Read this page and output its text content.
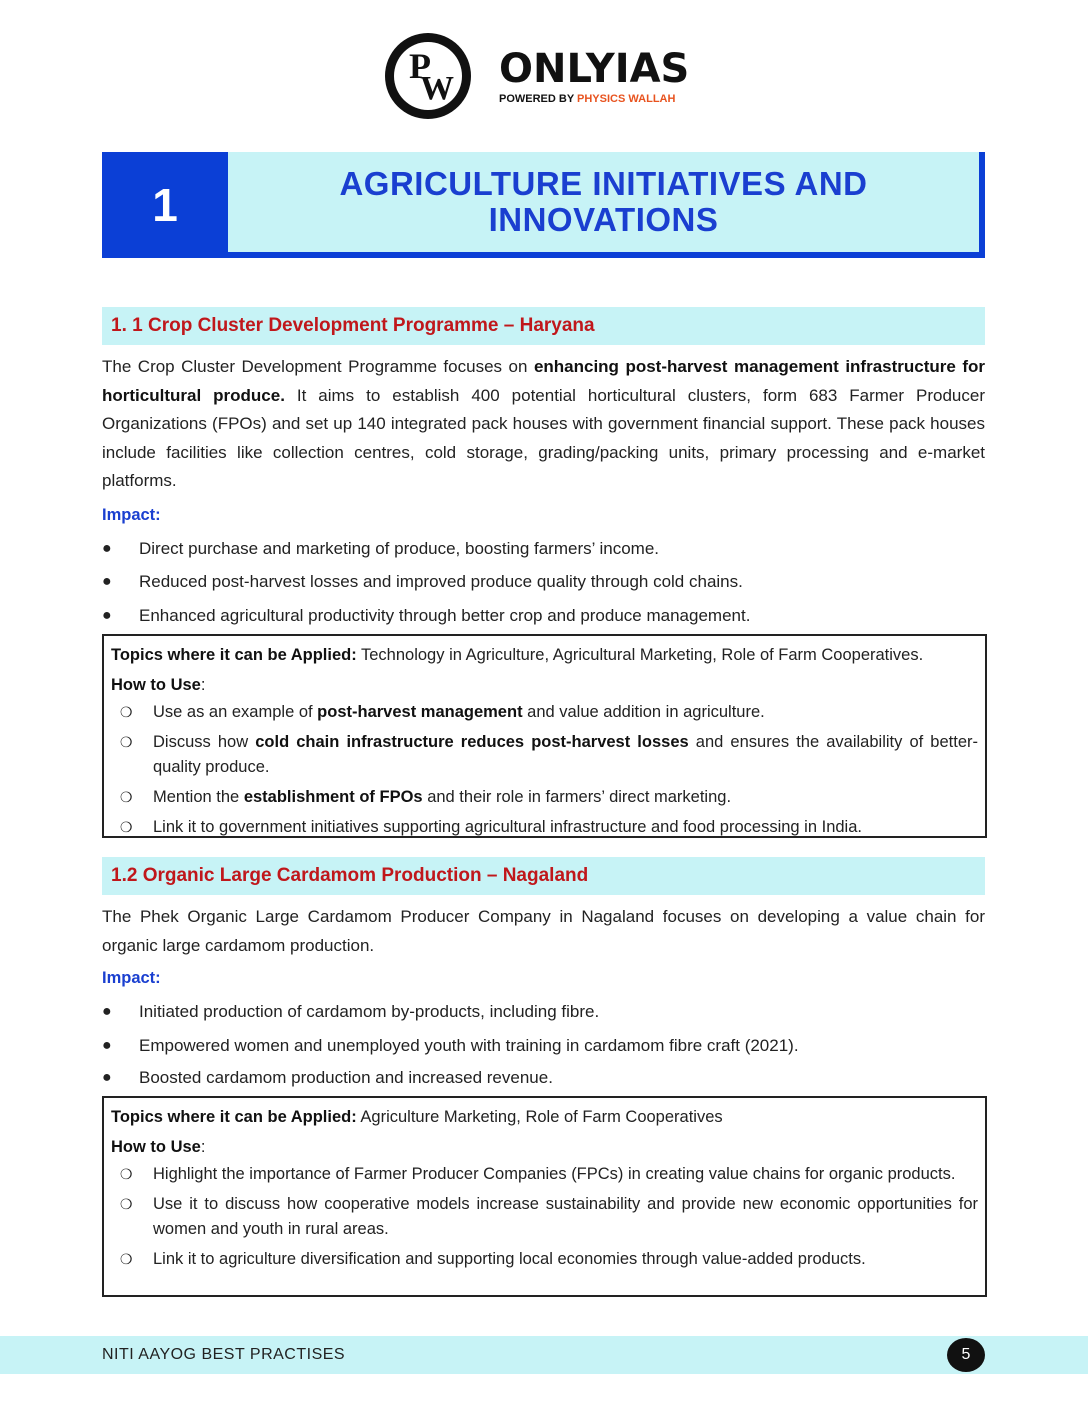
P
W ONLYIAS
POWERED BY PHYSICS WALLAH
1	AGRICULTURE INITIATIVES AND
INNOVATIONS
1. 1 Crop Cluster Development Programme – Haryana
The Crop Cluster Development Programme focuses on enhancing post-harvest management infrastructure for horticultural produce. It aims to establish 400 potential horticultural clusters, form 683 Farmer Producer Organizations (FPOs) and set up 140 integrated pack houses with government financial support. These pack houses include facilities like collection centres, cold storage, grading/packing units, primary processing and e-market platforms.
Impact:
●	Direct purchase and marketing of produce, boosting farmers’ income.
●	Reduced post-harvest losses and improved produce quality through cold chains.
●	Enhanced agricultural productivity through better crop and produce management.
Topics where it can be Applied: Technology in Agriculture, Agricultural Marketing, Role of Farm Cooperatives.
How to Use:
❍	Use as an example of post-harvest management and value addition in agriculture.
❍	Discuss how cold chain infrastructure reduces post-harvest losses and ensures the availability of better-quality produce.
❍	Mention the establishment of FPOs and their role in farmers’ direct marketing.
❍	Link it to government initiatives supporting agricultural infrastructure and food processing in India.
1.2 Organic Large Cardamom Production – Nagaland
The Phek Organic Large Cardamom Producer Company in Nagaland focuses on developing a value chain for organic large cardamom production.
Impact:
●	Initiated production of cardamom by-products, including fibre.
●	Empowered women and unemployed youth with training in cardamom fibre craft (2021).
●	Boosted cardamom production and increased revenue.
Topics where it can be Applied: Agriculture Marketing, Role of Farm Cooperatives
How to Use:
❍	Highlight the importance of Farmer Producer Companies (FPCs) in creating value chains for organic products.
❍	Use it to discuss how cooperative models increase sustainability and provide new economic opportunities for women and youth in rural areas.
❍	Link it to agriculture diversification and supporting local economies through value-added products.
NITI AAYOG BEST PRACTISES	5
